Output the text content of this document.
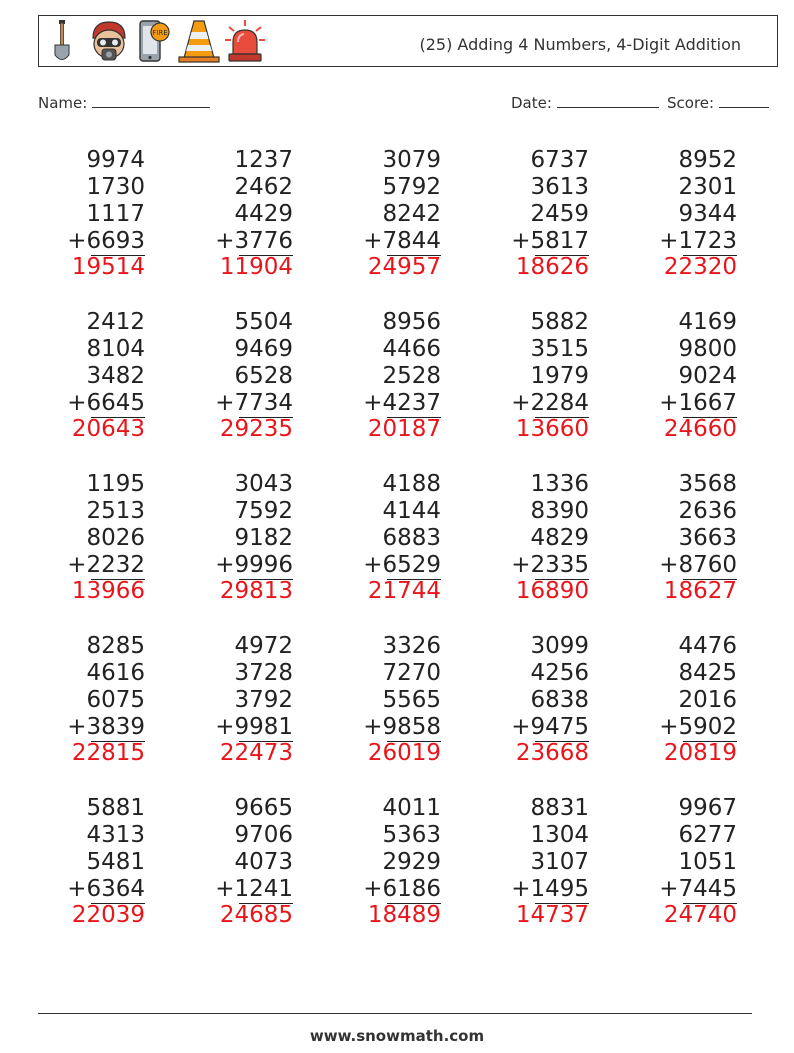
FIRE
(25) Adding 4 Numbers, 4-Digit Addition
Name:	Date:	Score:
9974
1730
1117
+6693
19514
1237
2462
4429
+3776
11904
3079
5792
8242
+7844
24957
6737
3613
2459
+5817
18626
8952
2301
9344
+1723
22320
2412
8104
3482
+6645
20643
5504
9469
6528
+7734
29235
8956
4466
2528
+4237
20187
5882
3515
1979
+2284
13660
4169
9800
9024
+1667
24660
1195
2513
8026
+2232
13966
3043
7592
9182
+9996
29813
4188
4144
6883
+6529
21744
1336
8390
4829
+2335
16890
3568
2636
3663
+8760
18627
8285
4616
6075
+3839
22815
4972
3728
3792
+9981
22473
3326
7270
5565
+9858
26019
3099
4256
6838
+9475
23668
4476
8425
2016
+5902
20819
5881
4313
5481
+6364
22039
9665
9706
4073
+1241
24685
4011
5363
2929
+6186
18489
8831
1304
3107
+1495
14737
9967
6277
1051
+7445
24740
www.snowmath.com
